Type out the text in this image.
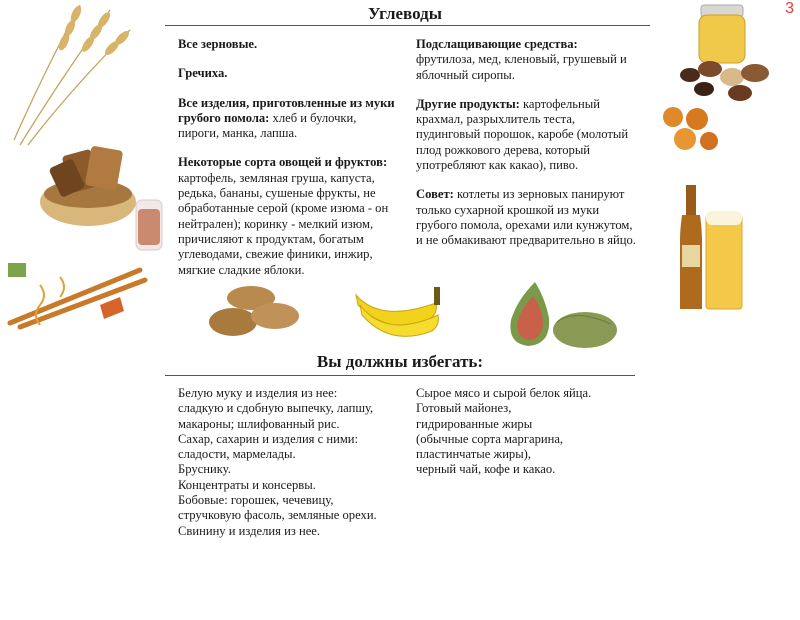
3
Углеводы

Все зерновые.

Гречиха.

Все изделия, приготовленные из муки грубого помола: хлеб и булочки, пироги, манка, лапша.

Некоторые сорта овощей и фруктов: картофель, земляная груша, капуста, редька, бананы, сушеные фрукты, не обработанные серой (кроме изюма - он нейтрален); коринку - мелкий изюм, причисляют к продуктам, богатым углеводами, свежие финики, инжир, мягкие сладкие яблоки.

Подслащивающие средства: фрутилоза, мед, кленовый, грушевый и яблочный сиропы.

Другие продукты: картофельный крахмал, разрыхлитель теста, пудинговый порошок, каробе (молотый плод рожкового дерева, который употребляют как какао), пиво.

Совет: котлеты из зерновых панируют только сухарной крошкой из муки грубого помола, орехами или кунжутом, и не обмакивают предварительно в яйцо.

Вы должны избегать:
Белую муку и изделия из нее:
сладкую и сдобную выпечку, лапшу,
макароны; шлифованный рис.
Сахар, сахарин и изделия с ними:
сладости, мармелады.
Бруснику.
Концентраты и консервы.
Бобовые: горошек, чечевицу,
стручковую фасоль, земляные орехи.
Свинину и изделия из нее.
Сырое мясо и сырой белок яйца.
Готовый майонез,
гидрированные жиры
(обычные сорта маргарина,
пластинчатые жиры),
черный чай, кофе и какао.
